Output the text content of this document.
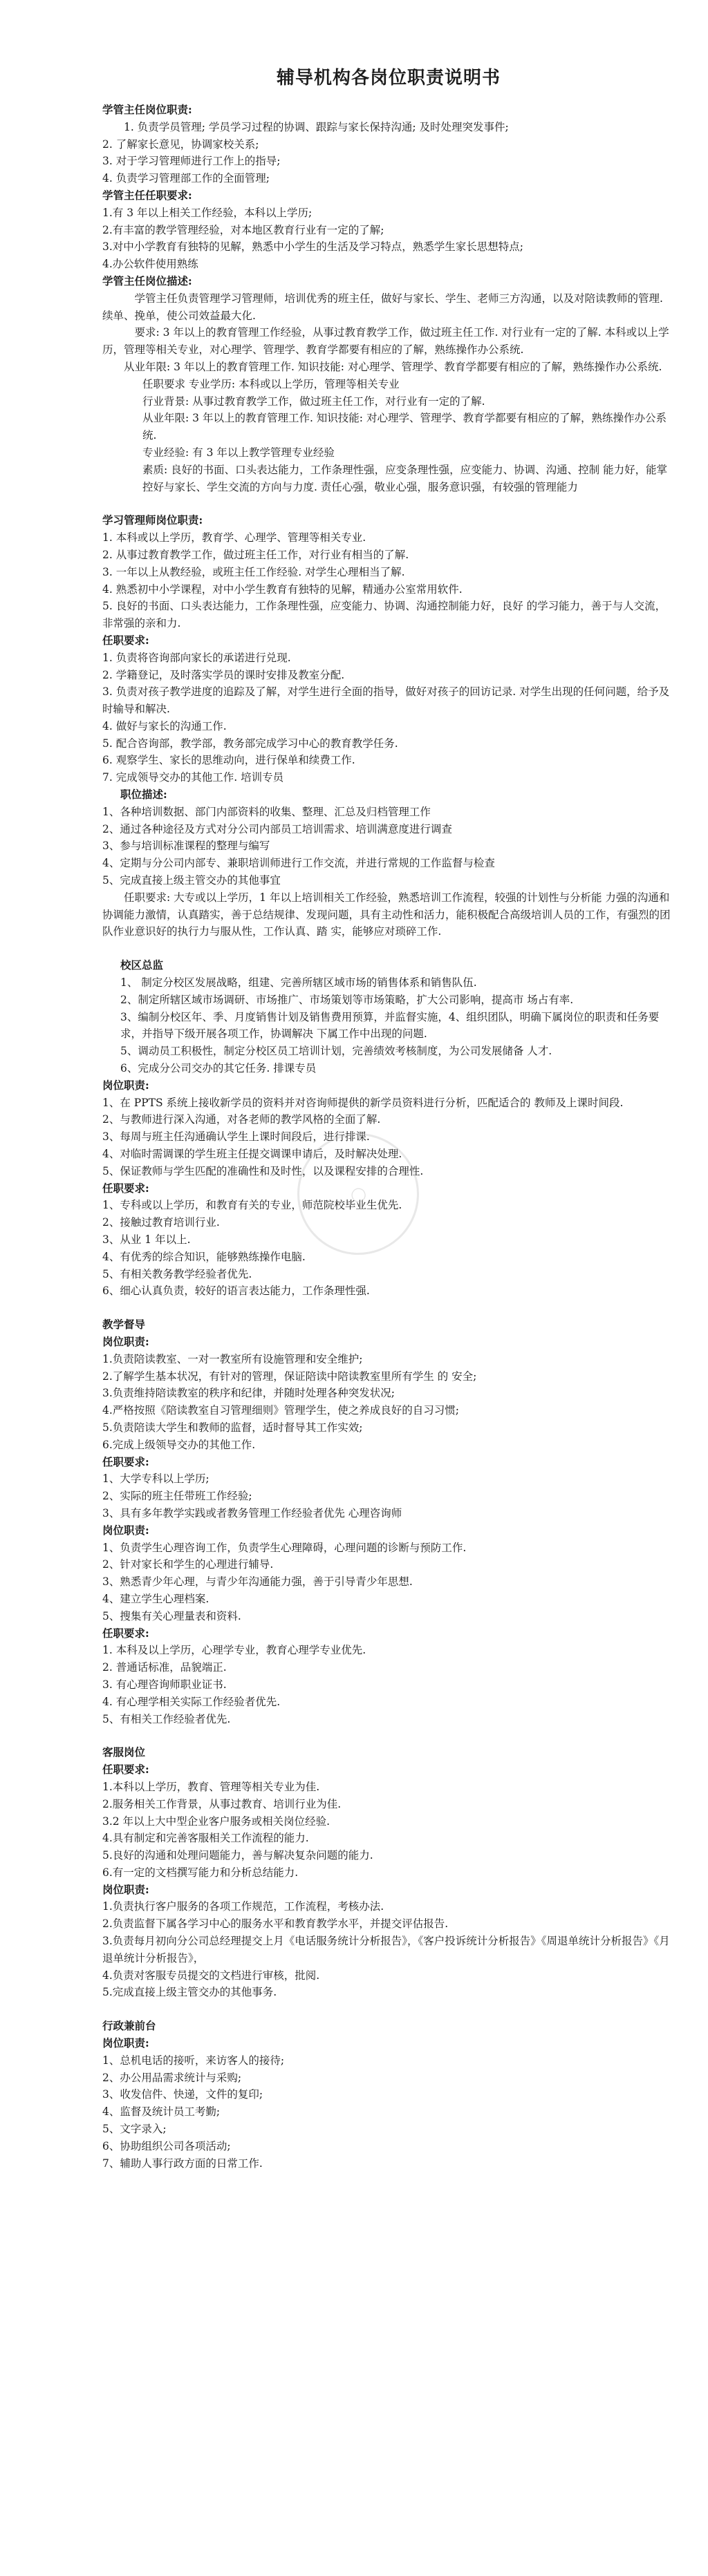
辅导机构各岗位职责说明书
学管主任岗位职责:
1. 负责学员管理; 学员学习过程的协调、跟踪与家长保持沟通; 及时处理突发事件;
2. 了解家长意见，协调家校关系;
3. 对于学习管理师进行工作上的指导;
4. 负责学习管理部工作的全面管理;
学管主任任职要求:
1.有 3 年以上相关工作经验，本科以上学历;
2.有丰富的教学管理经验，对本地区教育行业有一定的了解;
3.对中小学教育有独特的见解，熟悉中小学生的生活及学习特点，熟悉学生家长思想特点;
4.办公软件使用熟练
学管主任岗位描述:
学管主任负责管理学习管理师，培训优秀的班主任，做好与家长、学生、老师三方沟通，以及对陪读教师的管理. 续单、挽单，使公司效益最大化.
要求: 3 年以上的教育管理工作经验，从事过教育教学工作，做过班主任工作. 对行业有一定的了解. 本科或以上学历，管理等相关专业，对心理学、管理学、教育学都要有相应的了解，熟练操作办公系统.
从业年限: 3 年以上的教育管理工作. 知识技能: 对心理学、管理学、教育学都要有相应的了解，熟练操作办公系统.
任职要求 专业学历: 本科或以上学历，管理等相关专业
行业背景: 从事过教育教学工作，做过班主任工作，对行业有一定的了解.
从业年限: 3 年以上的教育管理工作. 知识技能: 对心理学、管理学、教育学都要有相应的了解，熟练操作办公系统.
专业经验: 有 3 年以上教学管理专业经验
素质: 良好的书面、口头表达能力，工作条理性强，应变条理性强，应变能力、协调、沟通、控制 能力好，能掌控好与家长、学生交流的方向与力度. 责任心强，敬业心强，服务意识强，有较强的管理能力
学习管理师岗位职责:
1. 本科或以上学历，教育学、心理学、管理等相关专业.
2. 从事过教育教学工作，做过班主任工作，对行业有相当的了解.
3. 一年以上从教经验，或班主任工作经验. 对学生心理相当了解.
4. 熟悉初中小学课程，对中小学生教育有独特的见解，精通办公室常用软件.
5. 良好的书面、口头表达能力，工作条理性强，应变能力、协调、沟通控制能力好，良好 的学习能力，善于与人交流，非常强的亲和力.
任职要求:
1. 负责将咨询部向家长的承诺进行兑现.
2. 学籍登记，及时落实学员的课时安排及教室分配.
3. 负责对孩子教学进度的追踪及了解，对学生进行全面的指导，做好对孩子的回访记录. 对学生出现的任何问题，给予及时输导和解决.
4. 做好与家长的沟通工作.
5. 配合咨询部，教学部，教务部完成学习中心的教育教学任务.
6. 观察学生、家长的思维动向，进行保单和续费工作.
7. 完成领导交办的其他工作. 培训专员
职位描述:
1、各种培训数据、部门内部资料的收集、整理、汇总及归档管理工作
2、通过各种途径及方式对分公司内部员工培训需求、培训满意度进行调查
3、参与培训标准课程的整理与编写
4、定期与分公司内部专、兼职培训师进行工作交流，并进行常规的工作监督与检查
5、完成直接上级主管交办的其他事宜
任职要求: 大专或以上学历，1 年以上培训相关工作经验，熟悉培训工作流程，较强的计划性与分析能 力强的沟通和协调能力激情，认真踏实，善于总结规律、发现问题，具有主动性和活力，能积极配合高级培训人员的工作，有强烈的团队作业意识好的执行力与服从性，工作认真、踏 实，能够应对琐碎工作.
校区总监
1、 制定分校区发展战略，组建、完善所辖区域市场的销售体系和销售队伍.
2、制定所辖区域市场调研、市场推广、市场策划等市场策略，扩大公司影响，提高市 场占有率.
3、编制分校区年、季、月度销售计划及销售费用预算，并监督实施，4、组织团队，明确下属岗位的职责和任务要求，并指导下级开展各项工作，协调解决 下属工作中出现的问题.
5、调动员工积极性，制定分校区员工培训计划，完善绩效考核制度，为公司发展储备 人才.
6、完成分公司交办的其它任务. 排课专员
岗位职责:
1、在 PPTS 系统上接收新学员的资料并对咨询师提供的新学员资料进行分析，匹配适合的 教师及上课时间段.
2、与教师进行深入沟通，对各老师的教学风格的全面了解.
3、每周与班主任沟通确认学生上课时间段后，进行排课.
4、对临时需调课的学生班主任提交调课申请后，及时解决处理.
5、保证教师与学生匹配的准确性和及时性，以及课程安排的合理性.
任职要求:
1、专科或以上学历，和教育有关的专业，师范院校毕业生优先.
2、接触过教育培训行业.
3、从业 1 年以上.
4、有优秀的综合知识，能够熟练操作电脑.
5、有相关教务教学经验者优先.
6、细心认真负责，较好的语言表达能力，工作条理性强.
教学督导
岗位职责:
1.负责陪读教室、一对一教室所有设施管理和安全维护;
2.了解学生基本状况，有针对的管理，保证陪读中陪读教室里所有学生 的 安全;
3.负责维持陪读教室的秩序和纪律，并随时处理各种突发状况;
4.严格按照《陪读教室自习管理细则》管理学生，使之养成良好的自习习惯;
5.负责陪读大学生和教师的监督，适时督导其工作实效;
6.完成上级领导交办的其他工作.
任职要求:
1、大学专科以上学历;
2、实际的班主任带班工作经验;
3、具有多年教学实践或者教务管理工作经验者优先 心理咨询师
岗位职责:
1、负责学生心理咨询工作，负责学生心理障碍，心理问题的诊断与预防工作.
2、针对家长和学生的心理进行辅导.
3、熟悉青少年心理，与青少年沟通能力强，善于引导青少年思想.
4、建立学生心理档案.
5、搜集有关心理量表和资料.
任职要求:
1. 本科及以上学历，心理学专业，教育心理学专业优先.
2. 普通话标准，品貌端正.
3. 有心理咨询师职业证书.
4. 有心理学相关实际工作经验者优先.
5、有相关工作经验者优先.
客服岗位
任职要求:
1.本科以上学历，教育、管理等相关专业为佳.
2.服务相关工作背景，从事过教育、培训行业为佳.
3.2 年以上大中型企业客户服务或相关岗位经验.
4.具有制定和完善客服相关工作流程的能力.
5.良好的沟通和处理问题能力，善与解决复杂问题的能力.
6.有一定的文档撰写能力和分析总结能力.
岗位职责:
1.负责执行客户服务的各项工作规范，工作流程，考核办法.
2.负责监督下属各学习中心的服务水平和教育教学水平，并提交评估报告.
3.负责每月初向分公司总经理提交上月《电话服务统计分析报告》，《客户投诉统计分析报告》《周退单统计分析报告》《月退单统计分析报告》，
4.负责对客服专员提交的文档进行审核，批阅.
5.完成直接上级主管交办的其他事务.
行政兼前台
岗位职责:
1、总机电话的接听，来访客人的接待;
2、办公用品需求统计与采购;
3、收发信件、快递，文件的复印;
4、监督及统计员工考勤;
5、文字录入;
6、协助组织公司各项活动;
7、辅助人事行政方面的日常工作.
◯
